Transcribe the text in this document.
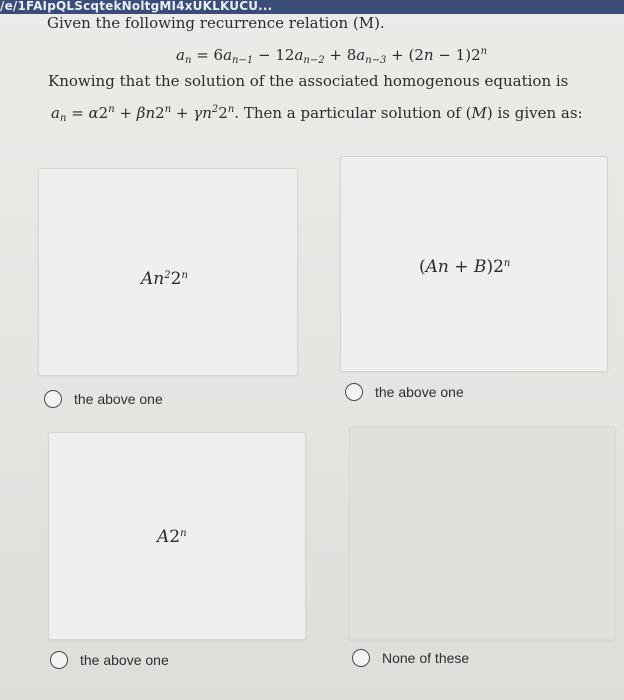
/e/1FAIpQLScqtekNoltgMI4xUKLKUCU...
Given the following recurrence relation (M).
$a_n = 6a_{n-1} - 12a_{n-2} + 8a_{n-3} + (2n - 1)2^n$
Knowing that the solution of the associated homogenous equation is
$a_n = \alpha 2^n + \beta n2^n + \gamma n^22^n$. Then a particular solution of (M) is given as:
An$^2$2$^n$
the above one
$(An + B)2^n$
the above one
A2$^n$
the above one	None of these
